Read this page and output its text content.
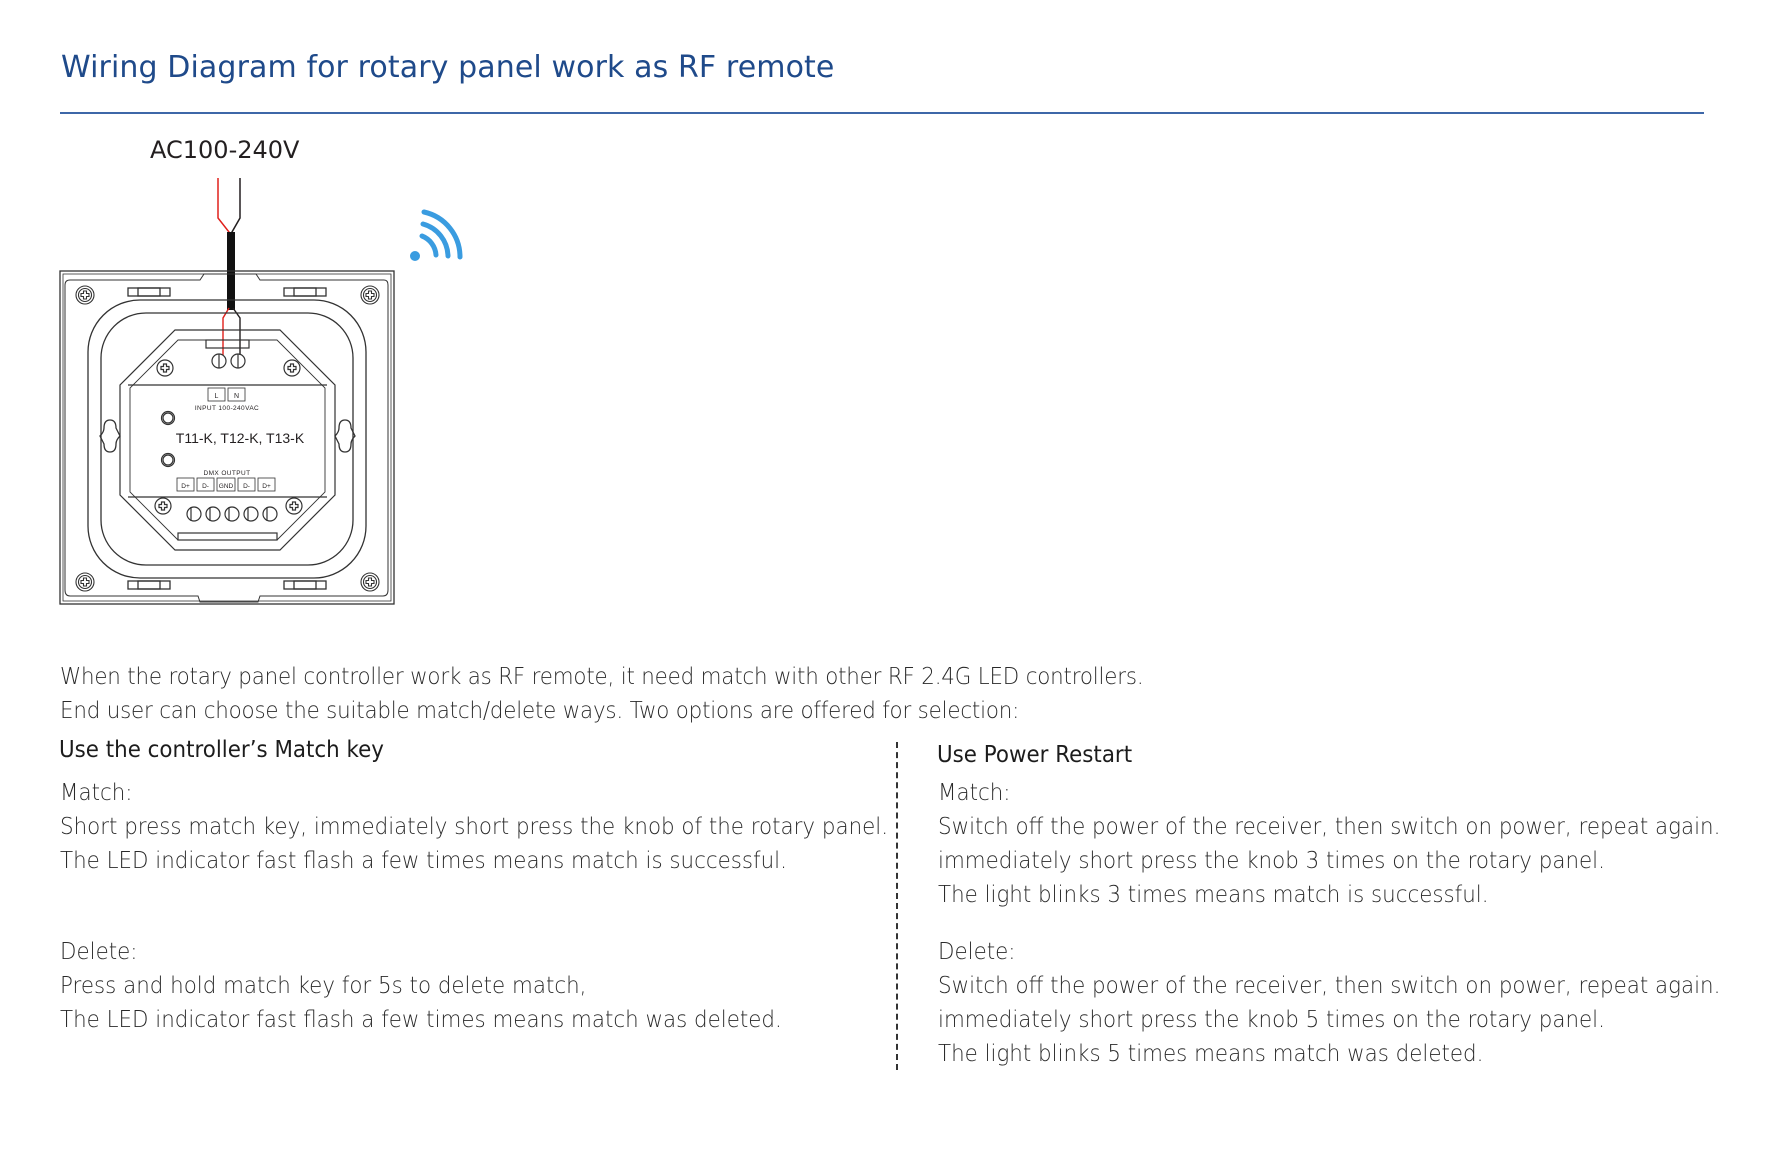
Wiring Diagram for rotary panel work as RF remote
AC100-240V
L N
INPUT 100-240VAC
T11-K, T12-K, T13-K
DMX OUTPUT
D+ D- GND D- D+
When the rotary panel controller work as RF remote, it need match with other RF 2.4G LED controllers.
End user can choose the suitable match/delete ways. Two options are offered for selection:
Use the controller’s Match key	Use Power Restart
Match:
Short press match key, immediately short press the knob of the rotary panel.
The LED indicator fast flash a few times means match is successful.
Delete:
Press and hold match key for 5s to delete match,
The LED indicator fast flash a few times means match was deleted.
Match:
Switch off the power of the receiver, then switch on power, repeat again.
immediately short press the knob 3 times on the rotary panel.
The light blinks 3 times means match is successful.
Delete:
Switch off the power of the receiver, then switch on power, repeat again.
immediately short press the knob 5 times on the rotary panel.
The light blinks 5 times means match was deleted.
